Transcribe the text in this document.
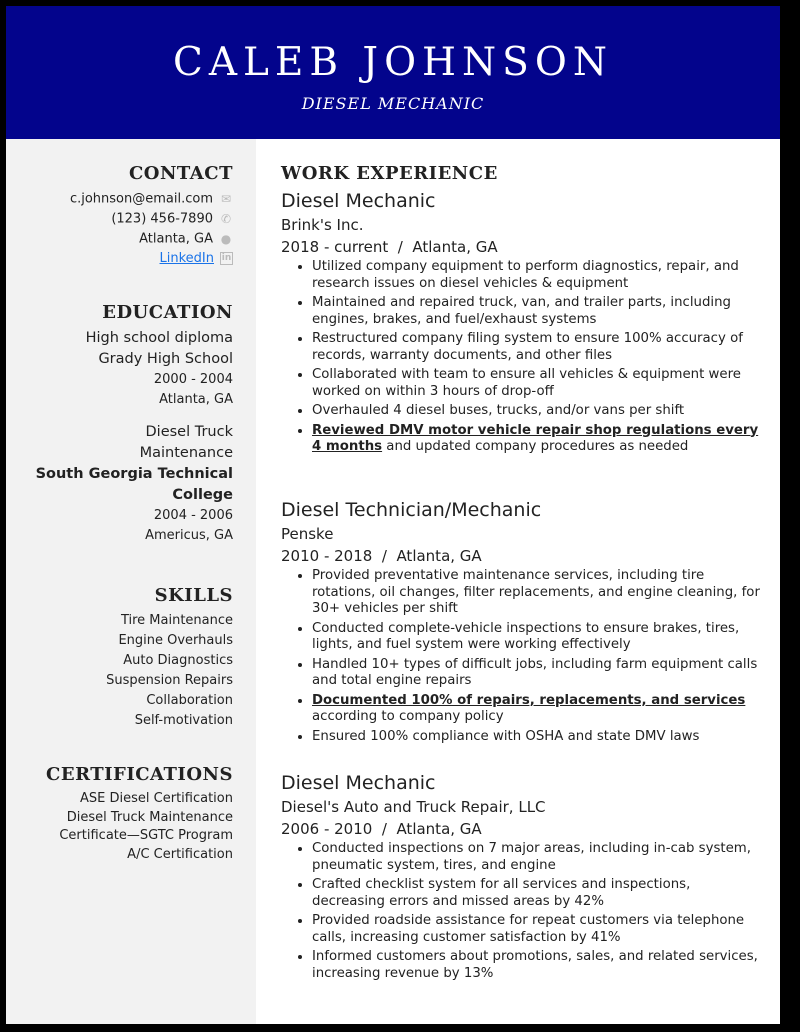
CALEB JOHNSON
DIESEL MECHANIC
CONTACT
c.johnson@email.com ✉
(123) 456-7890 ✆
Atlanta, GA ●
LinkedIn in
EDUCATION
High school diploma
Grady High School
2000 - 2004
Atlanta, GA
Diesel Truck
Maintenance
South Georgia Technical
College
2004 - 2006
Americus, GA
SKILLS
Tire Maintenance
Engine Overhauls
Auto Diagnostics
Suspension Repairs
Collaboration
Self-motivation
CERTIFICATIONS
ASE Diesel Certification
Diesel Truck Maintenance
Certificate—SGTC Program
A/C Certification
WORK EXPERIENCE
Diesel Mechanic
Brink's Inc.
2018 - current  /  Atlanta, GA
• Utilized company equipment to perform diagnostics, repair, and research issues on diesel vehicles & equipment
• Maintained and repaired truck, van, and trailer parts, including engines, brakes, and fuel/exhaust systems
• Restructured company filing system to ensure 100% accuracy of records, warranty documents, and other files
• Collaborated with team to ensure all vehicles & equipment were worked on within 3 hours of drop-off
• Overhauled 4 diesel buses, trucks, and/or vans per shift
• Reviewed DMV motor vehicle repair shop regulations every 4 months and updated company procedures as needed
Diesel Technician/Mechanic
Penske
2010 - 2018  /  Atlanta, GA
• Provided preventative maintenance services, including tire rotations, oil changes, filter replacements, and engine cleaning, for 30+ vehicles per shift
• Conducted complete-vehicle inspections to ensure brakes, tires, lights, and fuel system were working effectively
• Handled 10+ types of difficult jobs, including farm equipment calls and total engine repairs
• Documented 100% of repairs, replacements, and services according to company policy
• Ensured 100% compliance with OSHA and state DMV laws
Diesel Mechanic
Diesel's Auto and Truck Repair, LLC
2006 - 2010  /  Atlanta, GA
• Conducted inspections on 7 major areas, including in-cab system, pneumatic system, tires, and engine
• Crafted checklist system for all services and inspections, decreasing errors and missed areas by 42%
• Provided roadside assistance for repeat customers via telephone calls, increasing customer satisfaction by 41%
• Informed customers about promotions, sales, and related services, increasing revenue by 13%
